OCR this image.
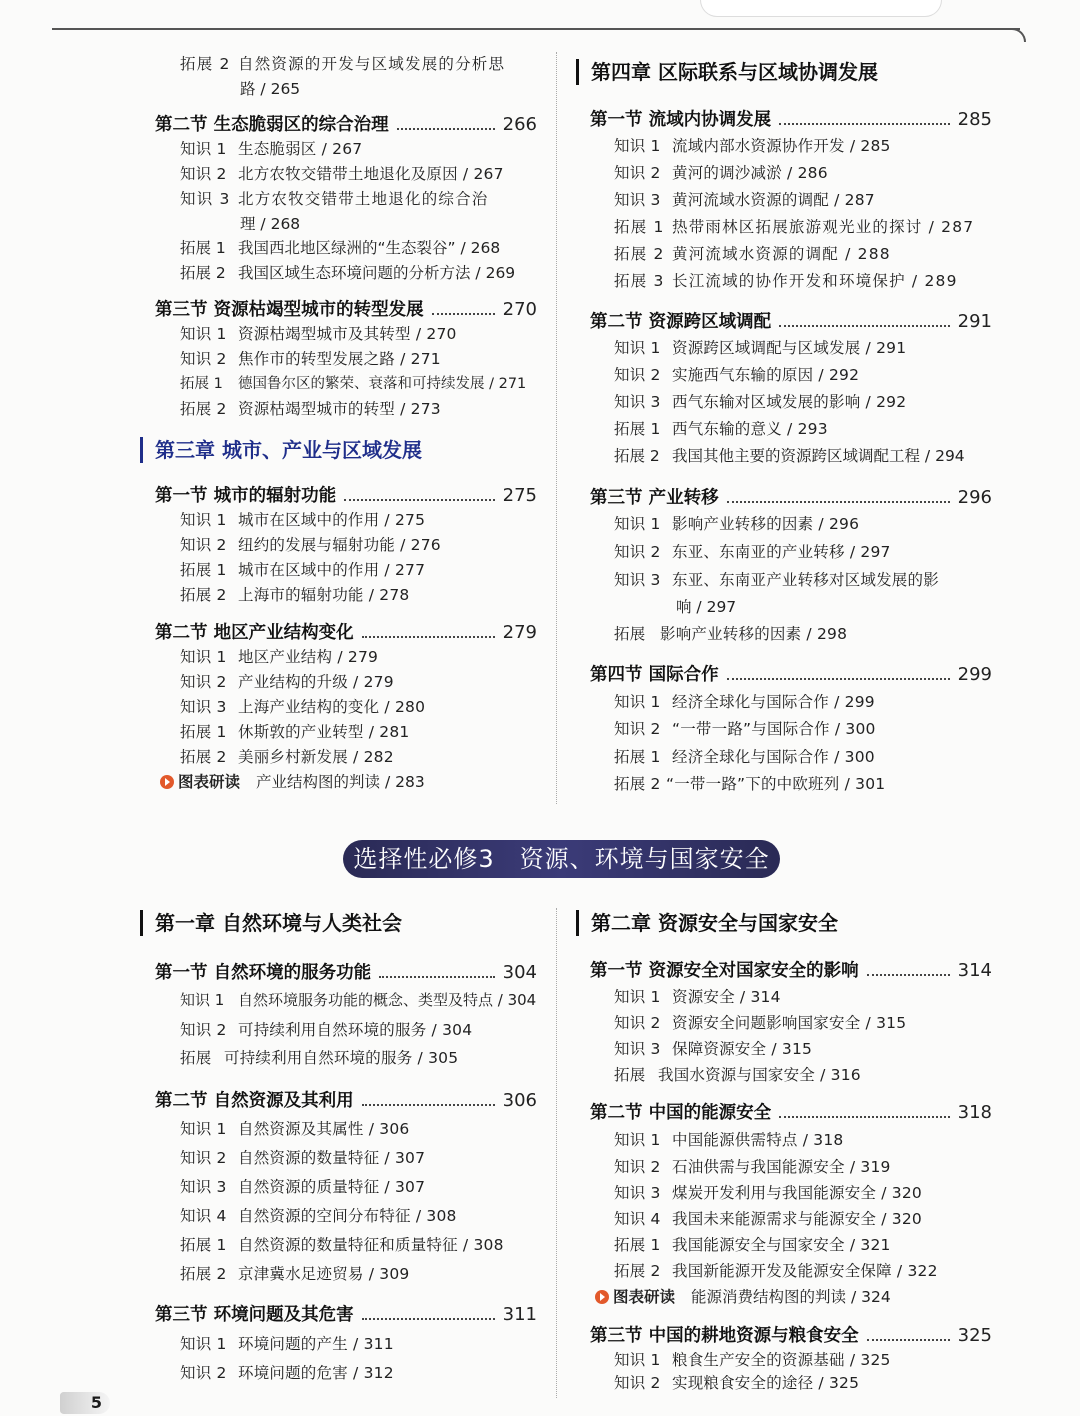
拓展 2 自然资源的开发与区域发展的分析思
路 / 265
第二节 生态脆弱区的综合治理	266
知识 1 生态脆弱区 / 267
知识 2 北方农牧交错带土地退化及原因 / 267
知识 3 北方农牧交错带土地退化的综合治
理 / 268
拓展 1 我国西北地区绿洲的“生态裂谷” / 268
拓展 2 我国区域生态环境问题的分析方法 / 269
第三节 资源枯竭型城市的转型发展	270
知识 1 资源枯竭型城市及其转型 / 270
知识 2 焦作市的转型发展之路 / 271
拓展 1 德国鲁尔区的繁荣、衰落和可持续发展 / 271
拓展 2 资源枯竭型城市的转型 / 273
第三章 城市、产业与区域发展
第一节 城市的辐射功能	275
知识 1 城市在区域中的作用 / 275
知识 2 纽约的发展与辐射功能 / 276
拓展 1 城市在区域中的作用 / 277
拓展 2 上海市的辐射功能 / 278
第二节 地区产业结构变化	279
知识 1 地区产业结构 / 279
知识 2 产业结构的升级 / 279
知识 3 上海产业结构的变化 / 280
拓展 1 休斯敦的产业转型 / 281
拓展 2 美丽乡村新发展 / 282
图表研读 产业结构图的判读 / 283
第四章 区际联系与区域协调发展
第一节 流域内协调发展	285
知识 1 流域内部水资源协作开发 / 285
知识 2 黄河的调沙减淤 / 286
知识 3 黄河流域水资源的调配 / 287
拓展 1 热带雨林区拓展旅游观光业的探讨 / 287
拓展 2 黄河流域水资源的调配 / 288
拓展 3 长江流域的协作开发和环境保护 / 289
第二节 资源跨区域调配	291
知识 1 资源跨区域调配与区域发展 / 291
知识 2 实施西气东输的原因 / 292
知识 3 西气东输对区域发展的影响 / 292
拓展 1 西气东输的意义 / 293
拓展 2 我国其他主要的资源跨区域调配工程 / 294
第三节 产业转移	296
知识 1 影响产业转移的因素 / 296
知识 2 东亚、东南亚的产业转移 / 297
知识 3 东亚、东南亚产业转移对区域发展的影
响 / 297
拓展 影响产业转移的因素 / 298
第四节 国际合作	299
知识 1 经济全球化与国际合作 / 299
知识 2 “一带一路”与国际合作 / 300
拓展 1 经济全球化与国际合作 / 300
拓展 2 “一带一路”下的中欧班列 / 301
选择性必修3　资源、环境与国家安全
第一章 自然环境与人类社会
第一节 自然环境的服务功能	304
知识 1 自然环境服务功能的概念、类型及特点 / 304
知识 2 可持续利用自然环境的服务 / 304
拓展 可持续利用自然环境的服务 / 305
第二节 自然资源及其利用	306
知识 1 自然资源及其属性 / 306
知识 2 自然资源的数量特征 / 307
知识 3 自然资源的质量特征 / 307
知识 4 自然资源的空间分布特征 / 308
拓展 1 自然资源的数量特征和质量特征 / 308
拓展 2 京津冀水足迹贸易 / 309
第三节 环境问题及其危害	311
知识 1 环境问题的产生 / 311
知识 2 环境问题的危害 / 312
第二章 资源安全与国家安全
第一节 资源安全对国家安全的影响	314
知识 1 资源安全 / 314
知识 2 资源安全问题影响国家安全 / 315
知识 3 保障资源安全 / 315
拓展 我国水资源与国家安全 / 316
第二节 中国的能源安全	318
知识 1 中国能源供需特点 / 318
知识 2 石油供需与我国能源安全 / 319
知识 3 煤炭开发利用与我国能源安全 / 320
知识 4 我国未来能源需求与能源安全 / 320
拓展 1 我国能源安全与国家安全 / 321
拓展 2 我国新能源开发及能源安全保障 / 322
图表研读 能源消费结构图的判读 / 324
第三节 中国的耕地资源与粮食安全	325
知识 1 粮食生产安全的资源基础 / 325
知识 2 实现粮食安全的途径 / 325
5
